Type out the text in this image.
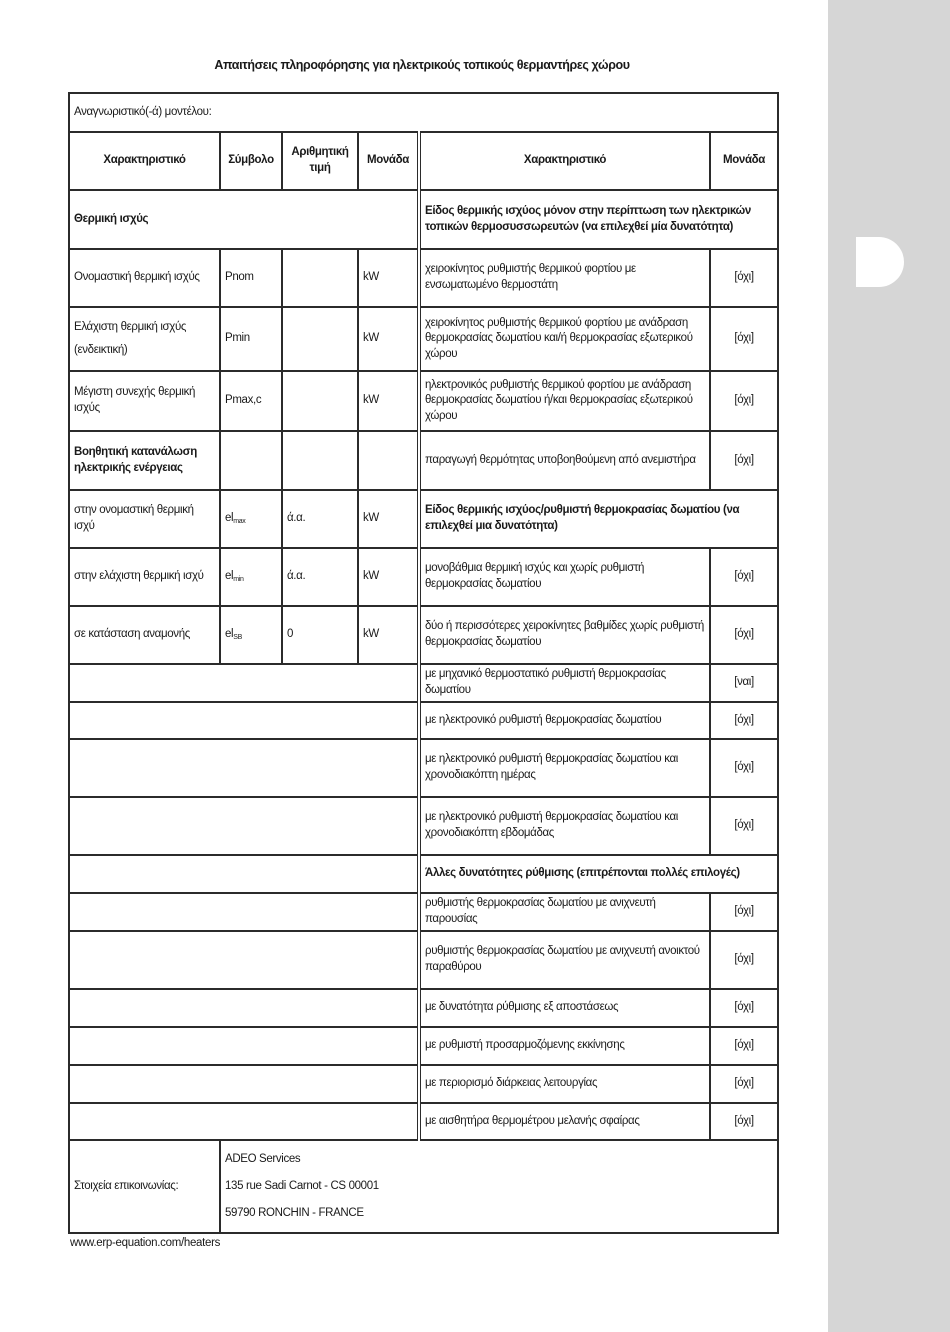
Απαιτήσεις πληροφόρησης για ηλεκτρικούς τοπικούς θερμαντήρες χώρου
Αναγνωριστικό(-ά) μοντέλου:					
Χαρακτηριστικό	Σύμβολο	Αριθμητική τιμή	Μονάδα	Χαρακτηριστικό	Μονάδα
Θερμική ισχύς				Είδος θερμικής ισχύος μόνον στην περίπτωση των ηλεκτρικών τοπικών θερμοσυσσωρευτών (να επιλεχθεί μία δυνατότητα)	
Ονομαστική θερμική ισχύς	Pnom		kW	χειροκίνητος ρυθμιστής θερμικού φορτίου με ενσωματωμένο θερμοστάτη	[όχι]
Ελάχιστη θερμική ισχύς (ενδεικτική)	Pmin		kW	χειροκίνητος ρυθμιστής θερμικού φορτίου με ανάδραση θερμοκρασίας δωματίου και/ή θερμοκρασίας εξωτερικού χώρου	[όχι]
Μέγιστη συνεχής θερμική ισχύς	Pmax,c		kW	ηλεκτρονικός ρυθμιστής θερμικού φορτίου με ανάδραση θερμοκρασίας δωματίου ή/και θερμοκρασίας εξωτερικού χώρου	[όχι]
Βοηθητική κατανάλωση ηλεκτρικής ενέργειας				παραγωγή θερμότητας υποβοηθούμενη από ανεμιστήρα	[όχι]
στην ονομαστική θερμική ισχύ	$el_{max}$	ά.α.	kW	Είδος θερμικής ισχύος/ρυθμιστή θερμοκρασίας δωματίου (να επιλεχθεί μια δυνατότητα)	
στην ελάχιστη θερμική ισχύ	$el_{min}$	ά.α.	kW	μονοβάθμια θερμική ισχύς και χωρίς ρυθμιστή θερμοκρασίας δωματίου	[όχι]
σε κατάσταση αναμονής	$el_{SB}$	0	kW	δύο ή περισσότερες χειροκίνητες βαθμίδες χωρίς ρυθμιστή θερμοκρασίας δωματίου	[όχι]
				με μηχανικό θερμοστατικό ρυθμιστή θερμοκρασίας δωματίου	[ναι]
				με ηλεκτρονικό ρυθμιστή θερμοκρασίας δωματίου	[όχι]
				με ηλεκτρονικό ρυθμιστή θερμοκρασίας δωματίου και χρονοδιακόπτη ημέρας	[όχι]
				με ηλεκτρονικό ρυθμιστή θερμοκρασίας δωματίου και χρονοδιακόπτη εβδομάδας	[όχι]
				Άλλες δυνατότητες ρύθμισης (επιτρέπονται πολλές επιλογές)	
				ρυθμιστής θερμοκρασίας δωματίου με ανιχνευτή παρουσίας	[όχι]
				ρυθμιστής θερμοκρασίας δωματίου με ανιχνευτή ανοικτού παραθύρου	[όχι]
				με δυνατότητα ρύθμισης εξ αποστάσεως	[όχι]
				με ρυθμιστή προσαρμοζόμενης εκκίνησης	[όχι]
				με περιορισμό διάρκειας λειτουργίας	[όχι]
				με αισθητήρα θερμομέτρου μελανής σφαίρας	[όχι]
Στοιχεία επικοινωνίας:	ADEO Services
135 rue Sadi Carnot - CS 00001
59790 RONCHIN - FRANCE				
www.erp-equation.com/heaters
